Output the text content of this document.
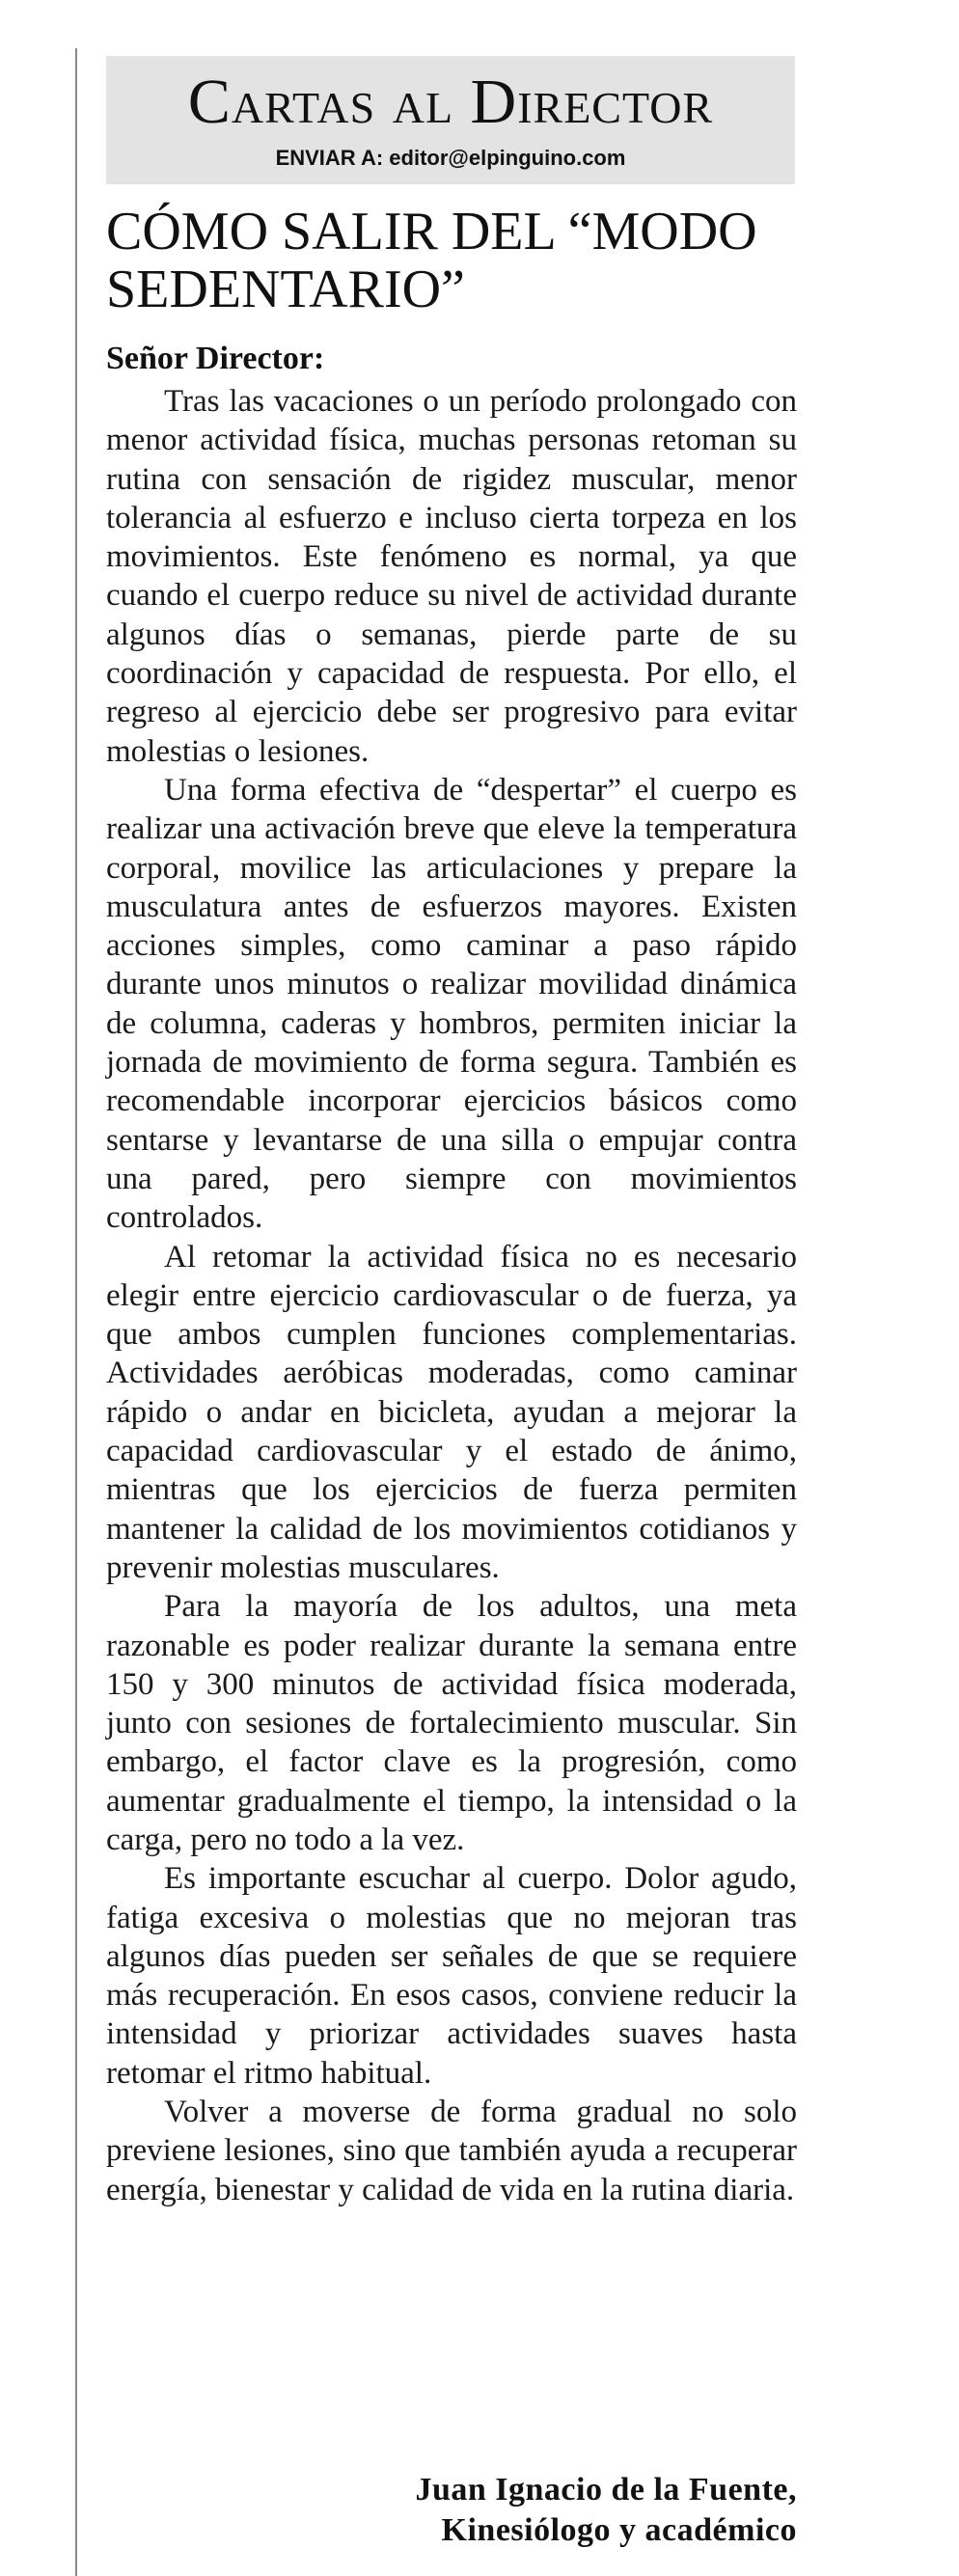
Cartas al Director
ENVIAR A: editor@elpinguino.com
CÓMO SALIR DEL “MODO SEDENTARIO”
Señor Director:

Tras las vacaciones o un período prolongado con menor actividad física, muchas personas retoman su rutina con sensación de rigidez muscular, menor tolerancia al esfuerzo e incluso cierta torpeza en los movimientos. Este fenómeno es normal, ya que cuando el cuerpo reduce su nivel de actividad durante algunos días o semanas, pierde parte de su coordinación y capacidad de respuesta. Por ello, el regreso al ejercicio debe ser progresivo para evitar molestias o lesiones.

Una forma efectiva de “despertar” el cuerpo es realizar una activación breve que eleve la temperatura corporal, movilice las articulaciones y prepare la musculatura antes de esfuerzos mayores. Existen acciones simples, como caminar a paso rápido durante unos minutos o realizar movilidad dinámica de columna, caderas y hombros, permiten iniciar la jornada de movimiento de forma segura. También es recomendable incorporar ejercicios básicos como sentarse y levantarse de una silla o empujar contra una pared, pero siempre con movimientos controlados.

Al retomar la actividad física no es necesario elegir entre ejercicio cardiovascular o de fuerza, ya que ambos cumplen funciones complementarias. Actividades aeróbicas moderadas, como caminar rápido o andar en bicicleta, ayudan a mejorar la capacidad cardiovascular y el estado de ánimo, mientras que los ejercicios de fuerza permiten mantener la calidad de los movimientos cotidianos y prevenir molestias musculares.

Para la mayoría de los adultos, una meta razonable es poder realizar durante la semana entre 150 y 300 minutos de actividad física moderada, junto con sesiones de fortalecimiento muscular. Sin embargo, el factor clave es la progresión, como aumentar gradualmente el tiempo, la intensidad o la carga, pero no todo a la vez.

Es importante escuchar al cuerpo. Dolor agudo, fatiga excesiva o molestias que no mejoran tras algunos días pueden ser señales de que se requiere más recuperación. En esos casos, conviene reducir la intensidad y priorizar actividades suaves hasta retomar el ritmo habitual.

Volver a moverse de forma gradual no solo previene lesiones, sino que también ayuda a recuperar energía, bienestar y calidad de vida en la rutina diaria.

Juan Ignacio de la Fuente,
Kinesiólogo y académico
